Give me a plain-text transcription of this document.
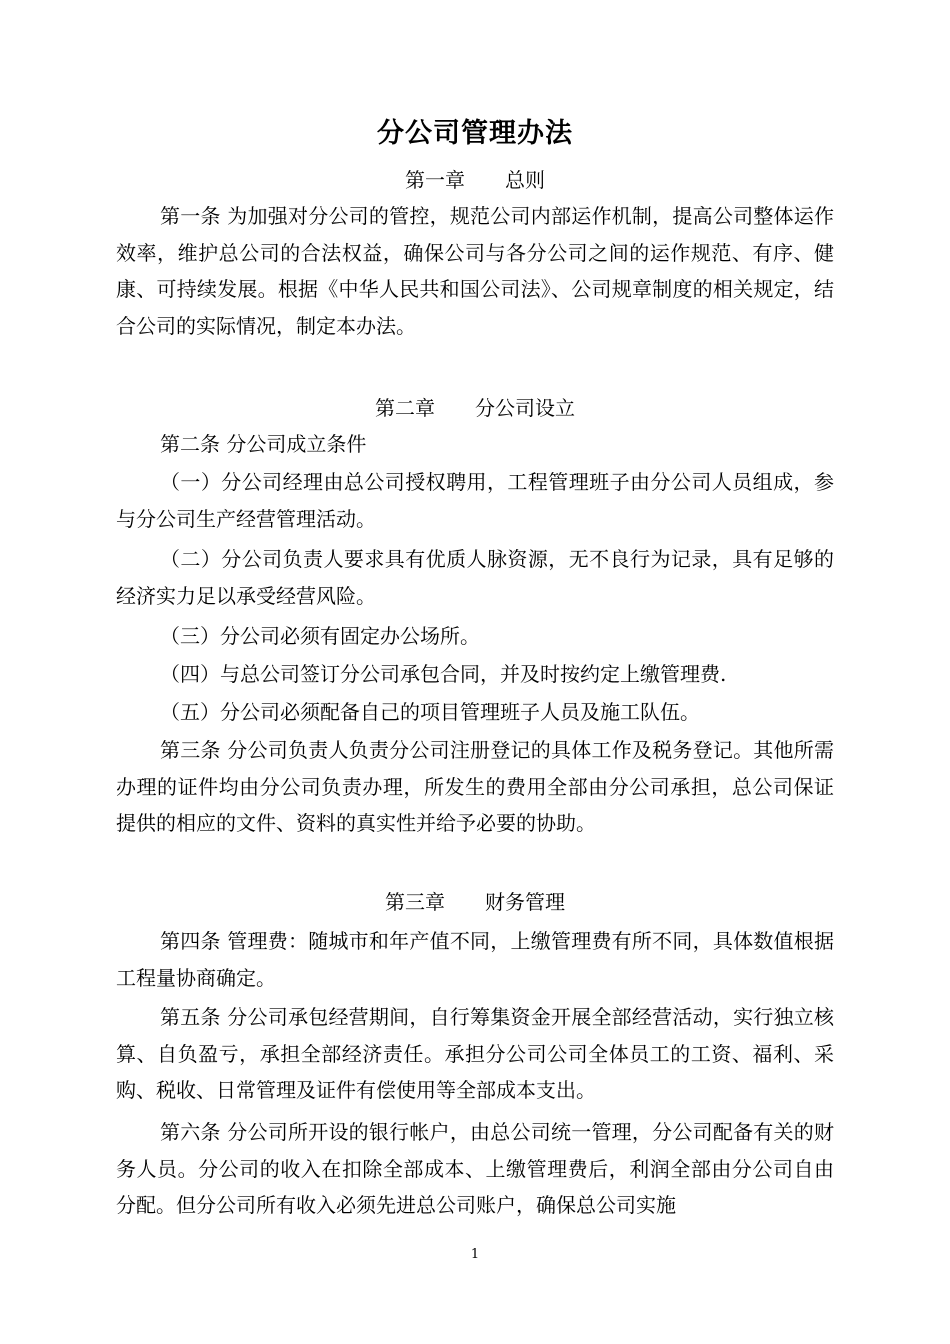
分公司管理办法
第一章　　总则
第一条 为加强对分公司的管控，规范公司内部运作机制，提高公司整体运作效率，维护总公司的合法权益，确保公司与各分公司之间的运作规范、有序、健康、可持续发展。根据《中华人民共和国公司法》、公司规章制度的相关规定，结合公司的实际情况，制定本办法。
第二章　　分公司设立
第二条 分公司成立条件
（一）分公司经理由总公司授权聘用，工程管理班子由分公司人员组成，参与分公司生产经营管理活动。
（二）分公司负责人要求具有优质人脉资源，无不良行为记录，具有足够的经济实力足以承受经营风险。
（三）分公司必须有固定办公场所。
（四）与总公司签订分公司承包合同，并及时按约定上缴管理费.
（五）分公司必须配备自己的项目管理班子人员及施工队伍。
第三条 分公司负责人负责分公司注册登记的具体工作及税务登记。其他所需办理的证件均由分公司负责办理，所发生的费用全部由分公司承担，总公司保证提供的相应的文件、资料的真实性并给予必要的协助。
第三章　　财务管理
第四条 管理费：随城市和年产值不同，上缴管理费有所不同，具体数值根据工程量协商确定。
第五条 分公司承包经营期间，自行筹集资金开展全部经营活动，实行独立核算、自负盈亏，承担全部经济责任。承担分公司公司全体员工的工资、福利、采购、税收、日常管理及证件有偿使用等全部成本支出。
第六条 分公司所开设的银行帐户，由总公司统一管理，分公司配备有关的财务人员。分公司的收入在扣除全部成本、上缴管理费后，利润全部由分公司自由分配。但分公司所有收入必须先进总公司账户，确保总公司实施
1
